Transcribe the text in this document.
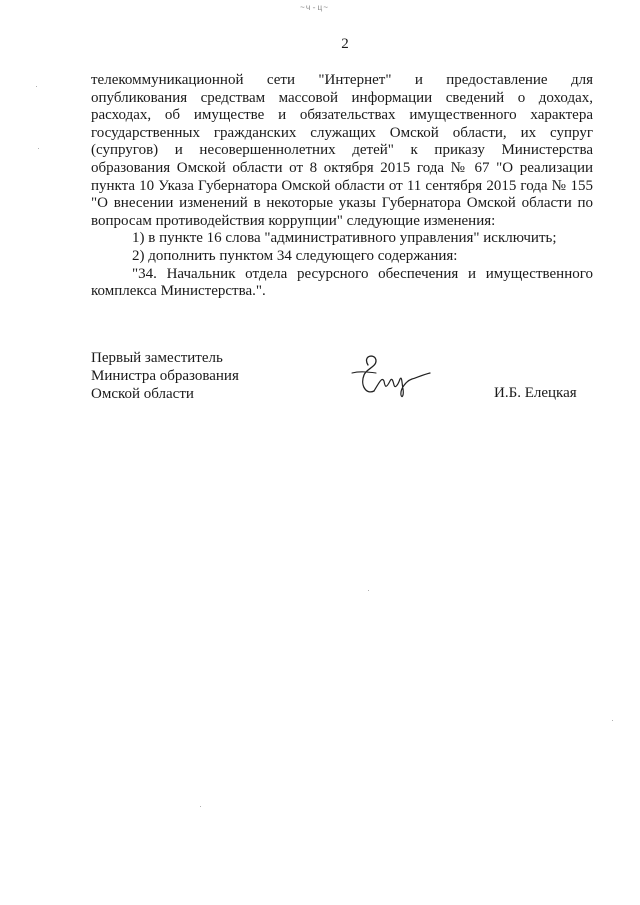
~ч-ц~
2

телекоммуникационной сети "Интернет" и предоставление для опубликования средствам массовой информации сведений о доходах, расходах, об имуществе и обязательствах имущественного характера государственных гражданских служащих Омской области, их супруг (супругов) и несовершеннолетних детей" к приказу Министерства образования Омской области от 8 октября 2015 года № 67 "О реализации пункта 10 Указа Губернатора Омской области от 11 сентября 2015 года № 155 "О внесении изменений в некоторые указы Губернатора Омской области по вопросам противодействия коррупции" следующие изменения:

1) в пункте 16 слова "административного управления" исключить;

2) дополнить пунктом 34 следующего содержания:

"34. Начальник отдела ресурсного обеспечения и имущественного комплекса Министерства.".

Первый заместитель
Министра образования
Омской области	И.Б. Елецкая
